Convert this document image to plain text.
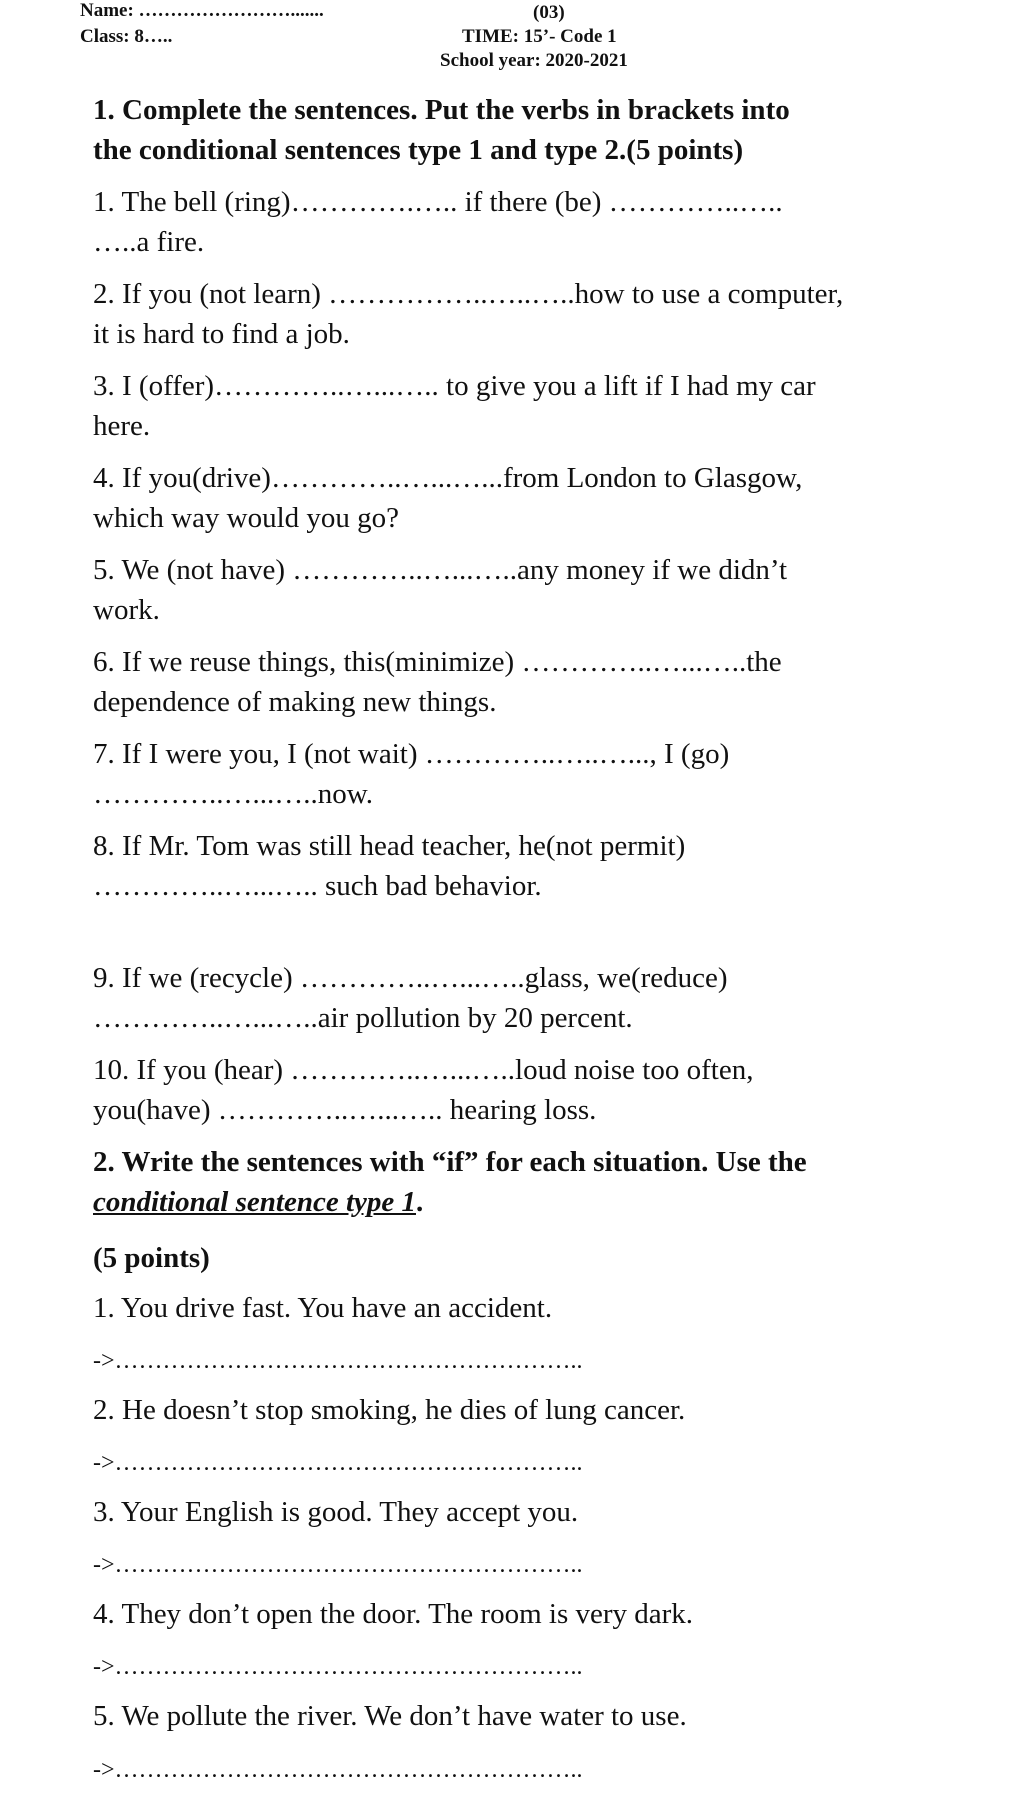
Name: …………………….......
Class: 8…..
(03)
TIME: 15’- Code 1
School year: 2020-2021
1. Complete the sentences. Put the verbs in brackets into
the conditional sentences type 1 and type 2.(5 points)
1. The bell (ring)………….….. if there (be) …………..…..
…..a fire.
2. If you (not learn) ……………..…..…..how to use a computer,
it is hard to find a job.
3. I (offer)…………..…...….. to give you a lift if I had my car
here.
4. If you(drive)…………..…...…...from London to Glasgow,
which way would you go?
5. We (not have) …………..…...…..any money if we didn’t
work.
6. If we reuse things, this(minimize) …………..…...…..the
dependence of making new things.
7. If I were you, I (not wait) …………..…..…..., I (go)
…………..…...…..now.
8. If Mr. Tom was still head teacher, he(not permit)
…………..…...….. such bad behavior.
9. If we (recycle) …………..…...…..glass, we(reduce)
…………..…...…..air pollution by 20 percent.
10. If you (hear) …………..…...…..loud noise too often,
you(have) …………..…...….. hearing loss.
2. Write the sentences with “if” for each situation. Use the
conditional sentence type 1.
(5 points)
1. You drive fast. You have an accident.
->…………………………………………………..
2. He doesn’t stop smoking, he dies of lung cancer.
->…………………………………………………..
3. Your English is good. They accept you.
->…………………………………………………..
4. They don’t open the door. The room is very dark.
->…………………………………………………..
5. We pollute the river. We don’t have water to use.
->…………………………………………………..
